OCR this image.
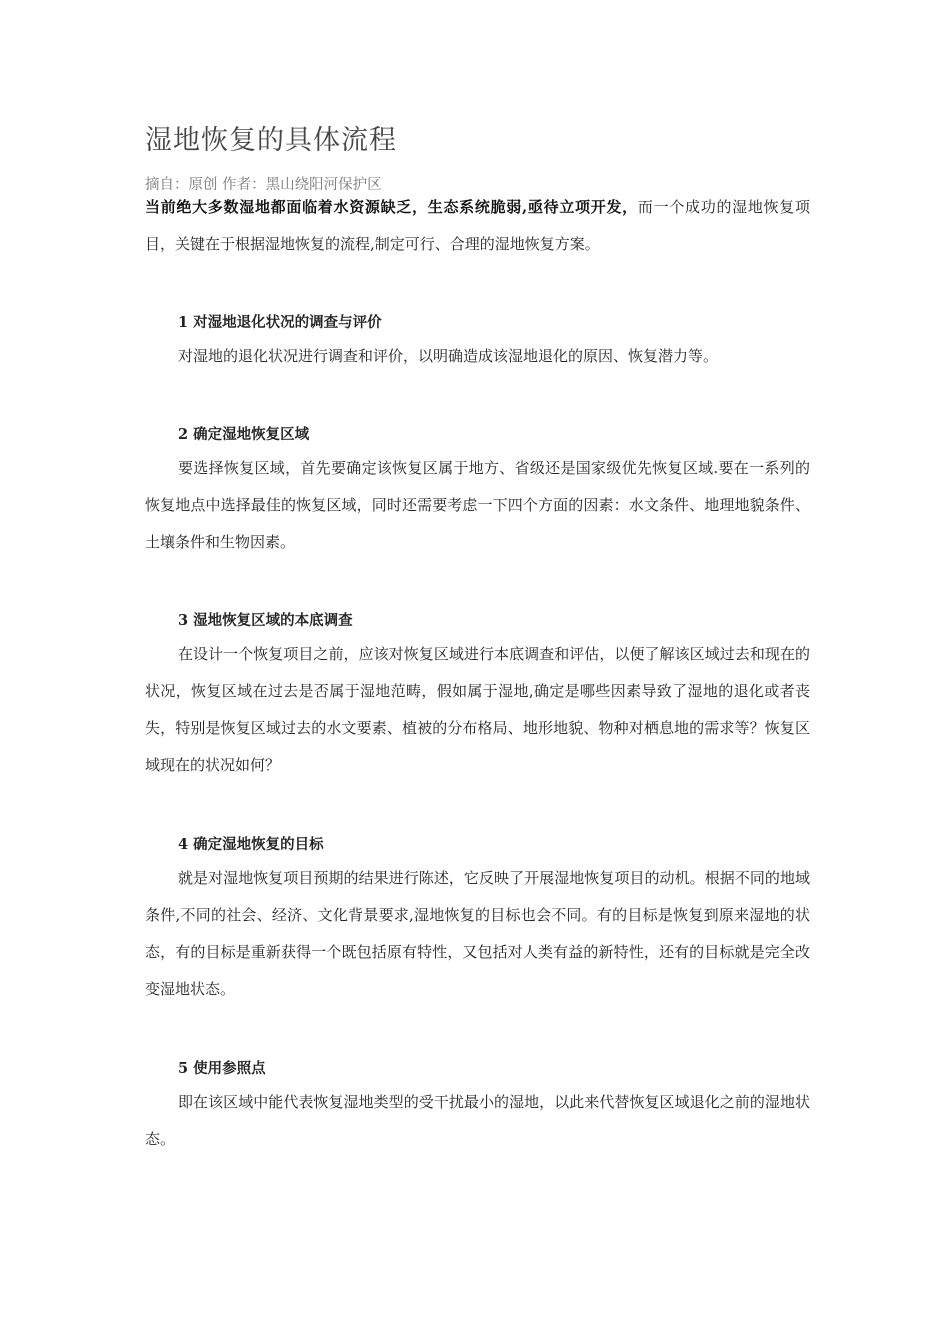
湿地恢复的具体流程
摘自：原创 作者：黑山绕阳河保护区

当前绝大多数湿地都面临着水资源缺乏，生态系统脆弱,亟待立项开发，而一个成功的湿地恢复项目，关键在于根据湿地恢复的流程,制定可行、合理的湿地恢复方案。

1 对湿地退化状况的调查与评价

对湿地的退化状况进行调查和评价，以明确造成该湿地退化的原因、恢复潜力等。

2 确定湿地恢复区域

要选择恢复区域，首先要确定该恢复区属于地方、省级还是国家级优先恢复区域.要在一系列的恢复地点中选择最佳的恢复区域，同时还需要考虑一下四个方面的因素：水文条件、地理地貌条件、土壤条件和生物因素。

3 湿地恢复区域的本底调查

在设计一个恢复项目之前，应该对恢复区域进行本底调查和评估，以便了解该区域过去和现在的状况，恢复区域在过去是否属于湿地范畴，假如属于湿地,确定是哪些因素导致了湿地的退化或者丧失，特别是恢复区域过去的水文要素、植被的分布格局、地形地貌、物种对栖息地的需求等？恢复区域现在的状况如何？

4 确定湿地恢复的目标

就是对湿地恢复项目预期的结果进行陈述，它反映了开展湿地恢复项目的动机。根据不同的地域条件,不同的社会、经济、文化背景要求,湿地恢复的目标也会不同。有的目标是恢复到原来湿地的状态，有的目标是重新获得一个既包括原有特性，又包括对人类有益的新特性，还有的目标就是完全改变湿地状态。

5 使用参照点

即在该区域中能代表恢复湿地类型的受干扰最小的湿地，以此来代替恢复区域退化之前的湿地状态。
